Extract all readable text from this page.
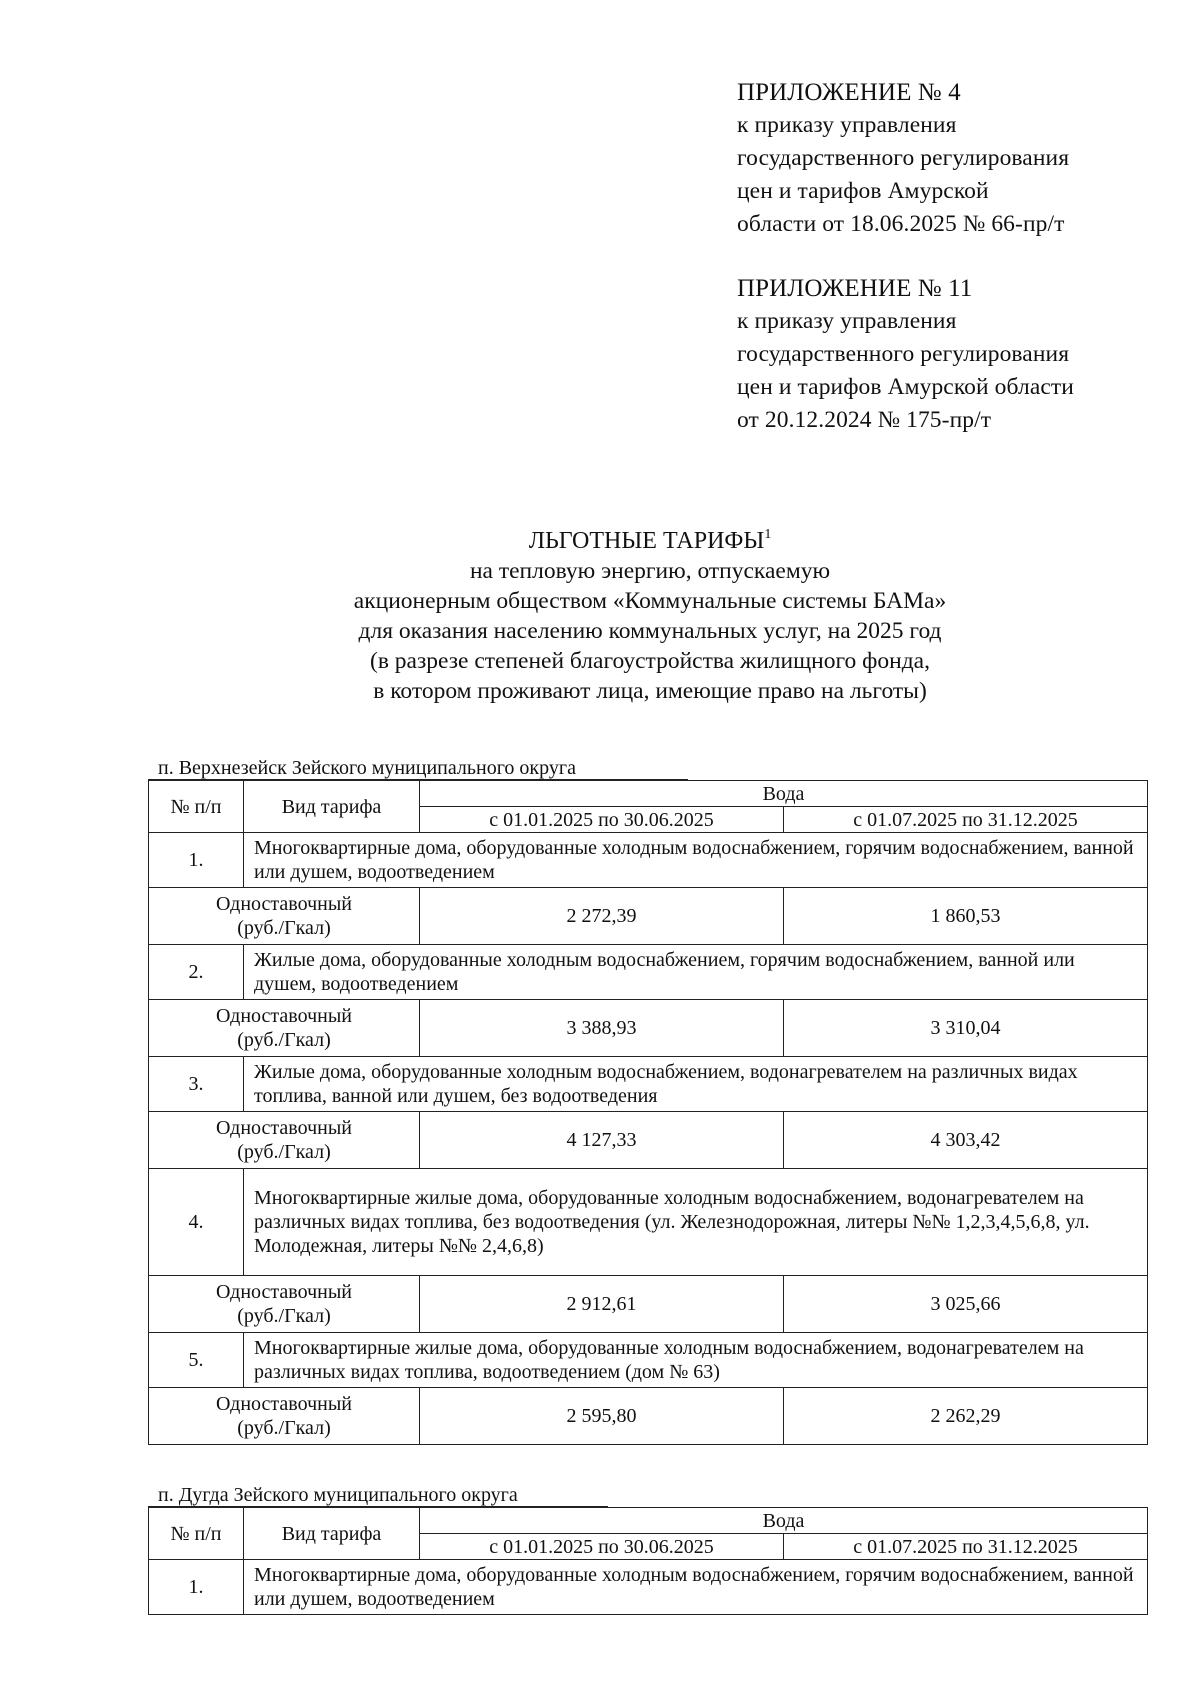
ПРИЛОЖЕНИЕ № 4
к приказу управления
государственного регулирования
цен и тарифов Амурской
области от 18.06.2025 № 66-пр/т
ПРИЛОЖЕНИЕ № 11
к приказу управления
государственного регулирования
цен и тарифов Амурской области
от 20.12.2024 № 175-пр/т
ЛЬГОТНЫЕ ТАРИФЫ$^1$
на тепловую энергию, отпускаемую
акционерным обществом «Коммунальные системы БАМа»
для оказания населению коммунальных услуг, на 2025 год
(в разрезе степеней благоустройства жилищного фонда,
в котором проживают лица, имеющие право на льготы)
п. Верхнезейск Зейского муниципального округа
№ п/п	Вид тарифа	Вода	
		с 01.01.2025 по 30.06.2025	с 01.07.2025 по 31.12.2025
1.	Многоквартирные дома, оборудованные холодным водоснабжением, горячим водоснабжением, ванной или душем, водоотведением		

Одноставочный
(руб./Гкал)		2 272,39	1 860,53
2.	Жилые дома, оборудованные холодным водоснабжением, горячим водоснабжением, ванной или душем, водоотведением		

Одноставочный
(руб./Гкал)		3 388,93	3 310,04
3.	Жилые дома, оборудованные холодным водоснабжением, водонагревателем на различных видах топлива, ванной или душем, без водоотведения		

Одноставочный
(руб./Гкал)		4 127,33	4 303,42
4.	Многоквартирные жилые дома, оборудованные холодным водоснабжением, водонагревателем на различных видах топлива, без водоотведения (ул. Железнодорожная, литеры №№ 1,2,3,4,5,6,8, ул. Молодежная, литеры №№ 2,4,6,8)		

Одноставочный
(руб./Гкал)		2 912,61	3 025,66
5.	Многоквартирные жилые дома, оборудованные холодным водоснабжением, водонагревателем на различных видах топлива, водоотведением (дом № 63)		

Одноставочный
(руб./Гкал)		2 595,80	2 262,29
п. Дугда Зейского муниципального округа
№ п/п	Вид тарифа	Вода	
		с 01.01.2025 по 30.06.2025	с 01.07.2025 по 31.12.2025
1.	Многоквартирные дома, оборудованные холодным водоснабжением, горячим водоснабжением, ванной или душем, водоотведением		
